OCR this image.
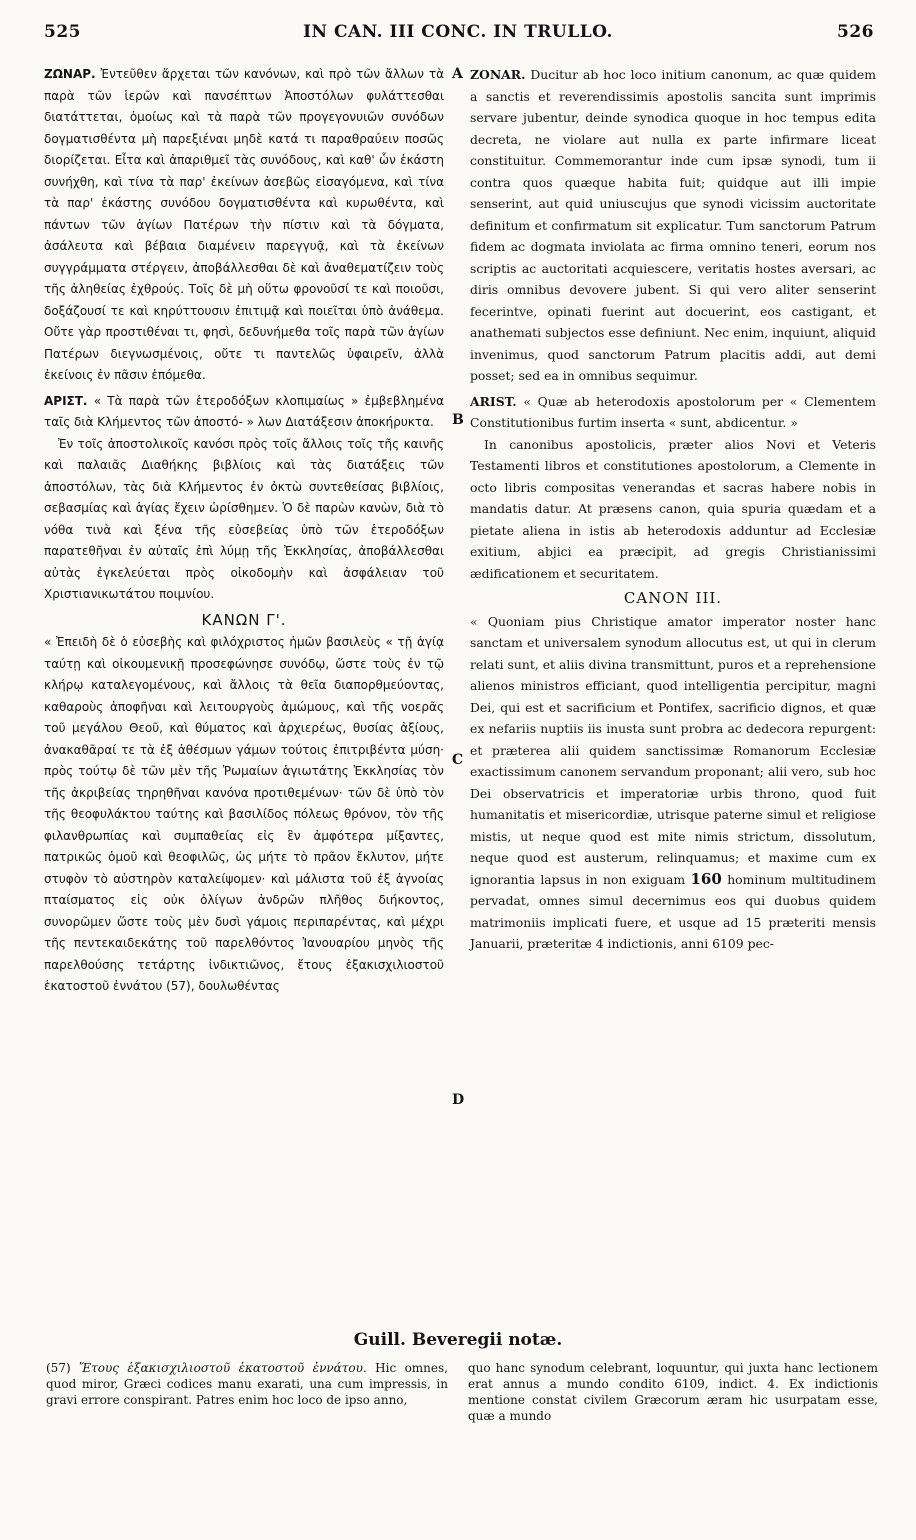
525	IN CAN. III CONC. IN TRULLO.	526
A
B
C
D

ΖΩΝΑΡ. Ἐντεῦθεν ἄρχεται τῶν κανόνων, καὶ πρὸ τῶν ἄλλων τὰ παρὰ τῶν ἱερῶν καὶ πανσέπτων Ἀποστόλων φυλάττεσθαι διατάττεται, ὁμοίως καὶ τὰ παρὰ τῶν προγεγονυιῶν συνόδων δογματισθέντα μὴ παρεξιέναι μηδὲ κατά τι παραθραύειν ποσῶς διορίζεται. Εἶτα καὶ ἀπαριθμεῖ τὰς συνόδους, καὶ καθ' ὧν ἑκάστη συνήχθη, καὶ τίνα τὰ παρ' ἐκείνων ἀσεβῶς εἰσαγόμενα, καὶ τίνα τὰ παρ' ἑκάστης συνόδου δογματισθέντα καὶ κυρωθέντα, καὶ πάντων τῶν ἁγίων Πατέρων τὴν πίστιν καὶ τὰ δόγματα, ἀσάλευτα καὶ βέβαια διαμένειν παρεγγυᾷ, καὶ τὰ ἐκείνων συγγράμματα στέργειν, ἀποβάλλεσθαι δὲ καὶ ἀναθεματίζειν τοὺς τῆς ἀληθείας ἐχθρούς. Τοῖς δὲ μὴ οὕτω φρονοῦσί τε καὶ ποιοῦσι, δοξάζουσί τε καὶ κηρύττουσιν ἐπιτιμᾷ καὶ ποιεῖται ὑπὸ ἀνάθεμα. Οὔτε γὰρ προστιθέναι τι, φησὶ, δεδυνήμεθα τοῖς παρὰ τῶν ἁγίων Πατέρων διεγνωσμένοις, οὔτε τι παντελῶς ὑφαιρεῖν, ἀλλὰ ἐκείνοις ἐν πᾶσιν ἑπόμεθα.

ΑΡΙΣΤ. « Τὰ παρὰ τῶν ἑτεροδόξων κλοπιμαίως » ἐμβεβλημένα ταῖς διὰ Κλήμεντος τῶν ἀποστό- » λων Διατάξεσιν ἀποκήρυκτα.

Ἐν τοῖς ἀποστολικοῖς κανόσι πρὸς τοῖς ἄλλοις τοῖς τῆς καινῆς καὶ παλαιᾶς Διαθήκης βιβλίοις καὶ τὰς διατάξεις τῶν ἀποστόλων, τὰς διὰ Κλήμεντος ἐν ὀκτὼ συντεθείσας βιβλίοις, σεβασμίας καὶ ἁγίας ἔχειν ὡρίσθημεν. Ὁ δὲ παρὼν κανὼν, διὰ τὸ νόθα τινὰ καὶ ξένα τῆς εὐσεβείας ὑπὸ τῶν ἑτεροδόξων παρατεθῆναι ἐν αὐταῖς ἐπὶ λύμῃ τῆς Ἐκκλησίας, ἀποβάλλεσθαι αὐτὰς ἐγκελεύεται πρὸς οἰκοδομὴν καὶ ἀσφάλειαν τοῦ Χριστιανικωτάτου ποιμνίου.

ΚΑΝΩΝ Γ'.

« Ἐπειδὴ δὲ ὁ εὐσεβὴς καὶ φιλόχριστος ἡμῶν βασιλεὺς « τῇ ἁγίᾳ ταύτῃ καὶ οἰκουμενικῇ προσεφώνησε συνόδῳ, ὥστε τοὺς ἐν τῷ κλήρῳ καταλεγομένους, καὶ ἄλλοις τὰ θεῖα διαπορθμεύοντας, καθαροὺς ἀποφῆναι καὶ λειτουργοὺς ἀμώμους, καὶ τῆς νοερᾶς τοῦ μεγάλου Θεοῦ, καὶ θύματος καὶ ἀρχιερέως, θυσίας ἀξίους, ἀνακαθᾶραί τε τὰ ἐξ ἀθέσμων γάμων τούτοις ἐπιτριβέντα μύση· πρὸς τούτῳ δὲ τῶν μὲν τῆς Ῥωμαίων ἁγιωτάτης Ἐκκλησίας τὸν τῆς ἀκριβείας τηρηθῆναι κανόνα προτιθεμένων· τῶν δὲ ὑπὸ τὸν τῆς θεοφυλάκτου ταύτης καὶ βασιλίδος πόλεως θρόνον, τὸν τῆς φιλανθρωπίας καὶ συμπαθείας εἰς ἓν ἀμφότερα μίξαντες, πατρικῶς ὁμοῦ καὶ θεοφιλῶς, ὡς μήτε τὸ πρᾶον ἔκλυτον, μήτε στυφὸν τὸ αὐστηρὸν καταλείψομεν· καὶ μάλιστα τοῦ ἐξ ἀγνοίας πταίσματος εἰς οὐκ ὀλίγων ἀνδρῶν πλῆθος διήκοντος, συνορῶμεν ὥστε τοὺς μὲν δυσὶ γάμοις περιπαρέντας, καὶ μέχρι τῆς πεντεκαιδεκάτης τοῦ παρελθόντος Ἰανουαρίου μηνὸς τῆς παρελθούσης τετάρτης ἰνδικτιῶνος, ἔτους ἑξακισχιλιοστοῦ ἑκατοστοῦ ἐννάτου (57), δουλωθέντας

ZONAR. Ducitur ab hoc loco initium canonum, ac quæ quidem a sanctis et reverendissimis apostolis sancita sunt imprimis servare jubentur, deinde synodica quoque in hoc tempus edita decreta, ne violare aut nulla ex parte infirmare liceat constituitur. Commemorantur inde cum ipsæ synodi, tum ii contra quos quæque habita fuit; quidque aut illi impie senserint, aut quid uniuscujus que synodi vicissim auctoritate definitum et confirmatum sit explicatur. Tum sanctorum Patrum fidem ac dogmata inviolata ac firma omnino teneri, eorum nos scriptis ac auctoritati acquiescere, veritatis hostes aversari, ac diris omnibus devovere jubent. Si qui vero aliter senserint fecerintve, opinati fuerint aut docuerint, eos castigant, et anathemati subjectos esse definiunt. Nec enim, inquiunt, aliquid invenimus, quod sanctorum Patrum placitis addi, aut demi posset; sed ea in omnibus sequimur.

ARIST. « Quæ ab heterodoxis apostolorum per « Clementem Constitutionibus furtim inserta « sunt, abdicentur. »

In canonibus apostolicis, præter alios Novi et Veteris Testamenti libros et constitutiones apostolorum, a Clemente in octo libris compositas venerandas et sacras habere nobis in mandatis datur. At præsens canon, quia spuria quædam et a pietate aliena in istis ab heterodoxis adduntur ad Ecclesiæ exitium, abjici ea præcipit, ad gregis Christianissimi ædificationem et securitatem.

CANON III.

« Quoniam pius Christique amator imperator noster hanc sanctam et universalem synodum allocutus est, ut qui in clerum relati sunt, et aliis divina transmittunt, puros et a reprehensione alienos ministros efficiant, quod intelligentia percipitur, magni Dei, qui est et sacrificium et Pontifex, sacrificio dignos, et quæ ex nefariis nuptiis iis inusta sunt probra ac dedecora repurgent: et præterea alii quidem sanctissimæ Romanorum Ecclesiæ exactissimum canonem servandum proponant; alii vero, sub hoc Dei observatricis et imperatoriæ urbis throno, quod fuit humanitatis et misericordiæ, utrisque paterne simul et religiose mistis, ut neque quod est mite nimis strictum, dissolutum, neque quod est austerum, relinquamus; et maxime cum ex ignorantia lapsus in non exiguam 160 hominum multitudinem pervadat, omnes simul decernimus eos qui duobus quidem matrimoniis implicati fuere, et usque ad 15 præteriti mensis Januarii, præteritæ 4 indictionis, anni 6109 pec-

Guill. Beveregii notæ.
(57) Ἔτους ἑξακισχιλιοστοῦ ἑκατοστοῦ ἐννάτου. Hic omnes, quod miror, Græci codices manu exarati, una cum impressis, in gravi errore conspirant. Patres enim hoc loco de ipso anno,
quo hanc synodum celebrant, loquuntur, qui juxta hanc lectionem erat annus a mundo condito 6109, indict. 4. Ex indictionis mentione constat civilem Græcorum æram hic usurpatam esse, quæ a mundo
